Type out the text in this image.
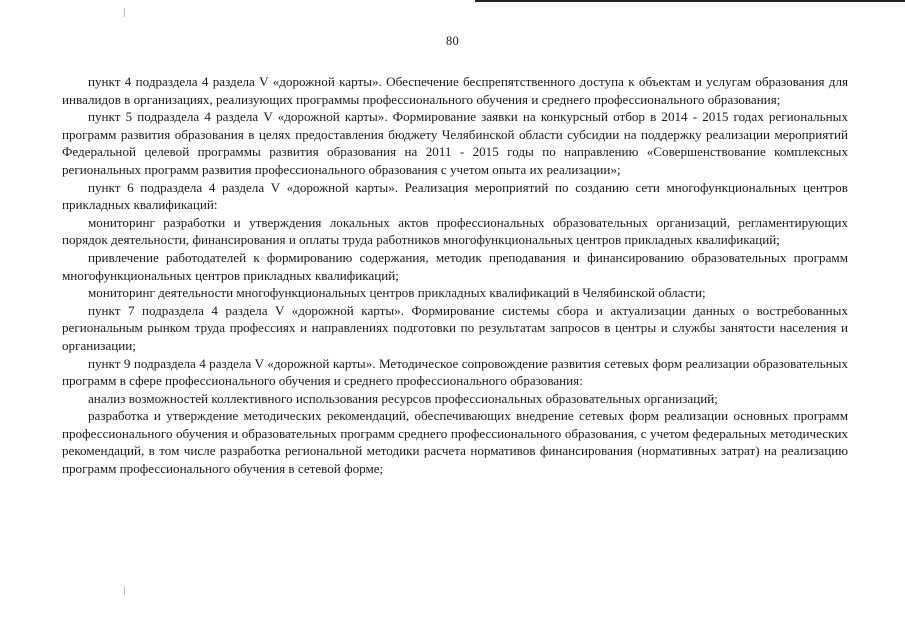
80

пункт 4 подраздела 4 раздела V «дорожной карты». Обеспечение беспрепятственного доступа к объектам и услугам образования для инвалидов в организациях, реализующих программы профессионального обучения и среднего профессионального образования;

пункт 5 подраздела 4 раздела V «дорожной карты». Формирование заявки на конкурсный отбор в 2014 - 2015 годах региональных программ развития образования в целях предоставления бюджету Челябинской области субсидии на поддержку реализации мероприятий Федеральной целевой программы развития образования на 2011 - 2015 годы по направлению «Совершенствование комплексных региональных программ развития профессионального образования с учетом опыта их реализации»;

пункт 6 подраздела 4 раздела V «дорожной карты». Реализация мероприятий по созданию сети многофункциональных центров прикладных квалификаций:

мониторинг разработки и утверждения локальных актов профессиональных образовательных организаций, регламентирующих порядок деятельности, финансирования и оплаты труда работников многофункциональных центров прикладных квалификаций;

привлечение работодателей к формированию содержания, методик преподавания и финансированию образовательных программ многофункциональных центров прикладных квалификаций;

мониторинг деятельности многофункциональных центров прикладных квалификаций в Челябинской области;

пункт 7 подраздела 4 раздела V «дорожной карты». Формирование системы сбора и актуализации данных о востребованных региональным рынком труда профессиях и направлениях подготовки по результатам запросов в центры и службы занятости населения и организации;

пункт 9 подраздела 4 раздела V «дорожной карты». Методическое сопровождение развития сетевых форм реализации образовательных программ в сфере профессионального обучения и среднего профессионального образования:

анализ возможностей коллективного использования ресурсов профессиональных образовательных организаций;

разработка и утверждение методических рекомендаций, обеспечивающих внедрение сетевых форм реализации основных программ профессионального обучения и образовательных программ среднего профессионального образования, с учетом федеральных методических рекомендаций, в том числе разработка региональной методики расчета нормативов финансирования (нормативных затрат) на реализацию программ профессионального обучения в сетевой форме;
